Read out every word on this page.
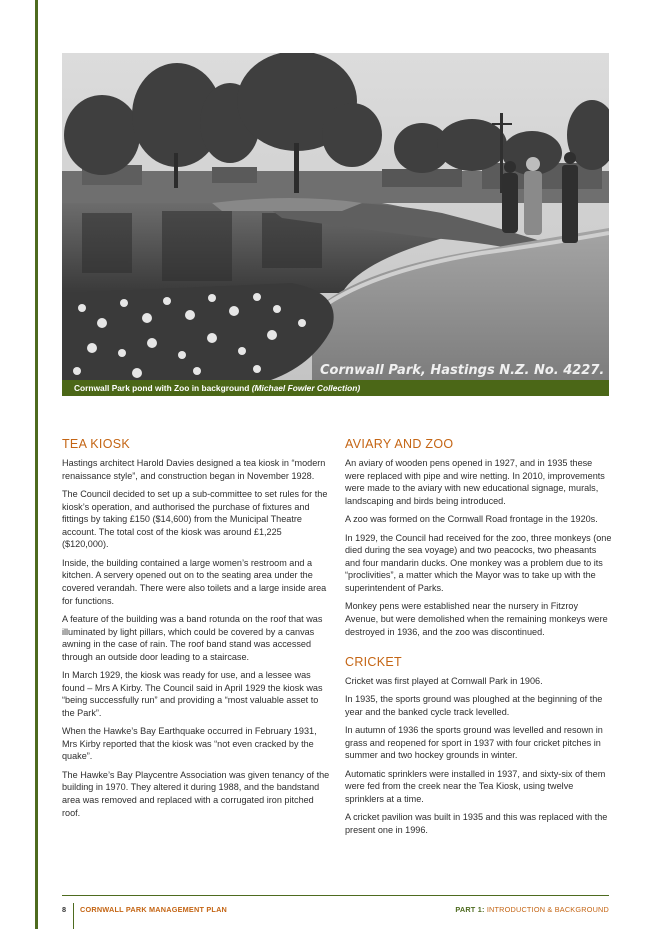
Cornwall Park, Hastings N.Z. No. 4227.
Cornwall Park pond with Zoo in background (Michael Fowler Collection)
TEA KIOSK

Hastings architect Harold Davies designed a tea kiosk in “modern renaissance style”, and construction began in November 1928.

The Council decided to set up a sub-committee to set rules for the kiosk’s operation, and authorised the purchase of fixtures and fittings by taking £150 ($14,600) from the Municipal Theatre account. The total cost of the kiosk was around £1,225 ($120,000).

Inside, the building contained a large women’s restroom and a kitchen. A servery opened out on to the seating area under the covered verandah. There were also toilets and a large inside area for functions.

A feature of the building was a band rotunda on the roof that was illuminated by light pillars, which could be covered by a canvas awning in the case of rain. The roof band stand was accessed through an outside door leading to a staircase.

In March 1929, the kiosk was ready for use, and a lessee was found – Mrs A Kirby. The Council said in April 1929 the kiosk was “being successfully run” and providing a “most valuable asset to the Park”.

When the Hawke’s Bay Earthquake occurred in February 1931, Mrs Kirby reported that the kiosk was “not even cracked by the quake”.

The Hawke’s Bay Playcentre Association was given tenancy of the building in 1970. They altered it during 1988, and the bandstand area was removed and replaced with a corrugated iron pitched roof.

AVIARY AND ZOO

An aviary of wooden pens opened in 1927, and in 1935 these were replaced with pipe and wire netting. In 2010, improvements were made to the aviary with new educational signage, murals, landscaping and birds being introduced.

A zoo was formed on the Cornwall Road frontage in the 1920s.

In 1929, the Council had received for the zoo, three monkeys (one died during the sea voyage) and two peacocks, two pheasants and four mandarin ducks. One monkey was a problem due to its “proclivities”, a matter which the Mayor was to take up with the superintendent of Parks.

Monkey pens were established near the nursery in Fitzroy Avenue, but were demolished when the remaining monkeys were destroyed in 1936, and the zoo was discontinued.

CRICKET

Cricket was first played at Cornwall Park in 1906.

In 1935, the sports ground was ploughed at the beginning of the year and the banked cycle track levelled.

In autumn of 1936 the sports ground was levelled and resown in grass and reopened for sport in 1937 with four cricket pitches in summer and two hockey grounds in winter.

Automatic sprinklers were installed in 1937, and sixty-six of them were fed from the creek near the Tea Kiosk, using twelve sprinklers at a time.

A cricket pavilion was built in 1935 and this was replaced with the present one in 1996.

8 CORNWALL PARK MANAGEMENT PLAN	PART 1: INTRODUCTION & BACKGROUND
